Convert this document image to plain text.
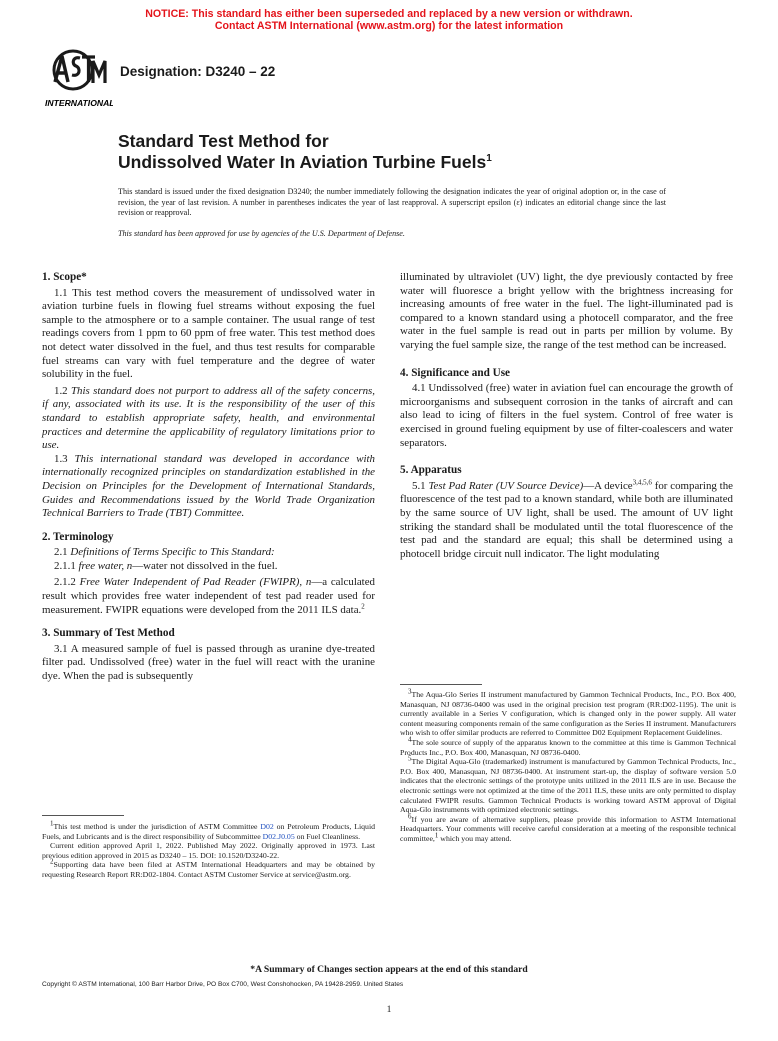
NOTICE: This standard has either been superseded and replaced by a new version or withdrawn.
Contact ASTM International (www.astm.org) for the latest information
INTERNATIONAL
Designation: D3240 – 22
Standard Test Method for
Undissolved Water In Aviation Turbine Fuels$^1$

This standard is issued under the fixed designation D3240; the number immediately following the designation indicates the year of original adoption or, in the case of revision, the year of last revision. A number in parentheses indicates the year of last reapproval. A superscript epsilon (ε) indicates an editorial change since the last revision or reapproval.

This standard has been approved for use by agencies of the U.S. Department of Defense.

1. Scope*

1.1 This test method covers the measurement of undissolved water in aviation turbine fuels in flowing fuel streams without exposing the fuel sample to the atmosphere or to a sample container. The usual range of test readings covers from 1 ppm to 60 ppm of free water. This test method does not detect water dissolved in the fuel, and thus test results for comparable fuel streams can vary with fuel temperature and the degree of water solubility in the fuel.

1.2 This standard does not purport to address all of the safety concerns, if any, associated with its use. It is the responsibility of the user of this standard to establish appropriate safety, health, and environmental practices and determine the applicability of regulatory limitations prior to use.

1.3 This international standard was developed in accordance with internationally recognized principles on standardization established in the Decision on Principles for the Development of International Standards, Guides and Recommendations issued by the World Trade Organization Technical Barriers to Trade (TBT) Committee.

2. Terminology

2.1 Definitions of Terms Specific to This Standard:

2.1.1 free water, n—water not dissolved in the fuel.

2.1.2 Free Water Independent of Pad Reader (FWIPR), n—a calculated result which provides free water independent of test pad reader used for measurement. FWIPR equations were developed from the 2011 ILS data.$^2$

3. Summary of Test Method

3.1 A measured sample of fuel is passed through as uranine dye-treated filter pad. Undissolved (free) water in the fuel will react with the uranine dye. When the pad is subsequently

$^1$This test method is under the jurisdiction of ASTM Committee D02 on Petroleum Products, Liquid Fuels, and Lubricants and is the direct responsibility of Subcommittee D02.J0.05 on Fuel Cleanliness.

Current edition approved April 1, 2022. Published May 2022. Originally approved in 1973. Last previous edition approved in 2015 as D3240 – 15. DOI: 10.1520/D3240-22.

$^2$Supporting data have been filed at ASTM International Headquarters and may be obtained by requesting Research Report RR:D02-1804. Contact ASTM Customer Service at service@astm.org.

illuminated by ultraviolet (UV) light, the dye previously contacted by free water will fluoresce a bright yellow with the brightness increasing for increasing amounts of free water in the fuel. The light-illuminated pad is compared to a known standard using a photocell comparator, and the free water in the fuel sample is read out in parts per million by volume. By varying the fuel sample size, the range of the test method can be increased.

4. Significance and Use

4.1 Undissolved (free) water in aviation fuel can encourage the growth of microorganisms and subsequent corrosion in the tanks of aircraft and can also lead to icing of filters in the fuel system. Control of free water is exercised in ground fueling equipment by use of filter-coalescers and water separators.

5. Apparatus

5.1 Test Pad Rater (UV Source Device)—A device$^{3,4,5,6}$ for comparing the fluorescence of the test pad to a known standard, while both are illuminated by the same source of UV light, shall be used. The amount of UV light striking the standard shall be modulated until the total fluorescence of the test pad and the standard are equal; this shall be determined using a photocell bridge circuit null indicator. The light modulating

$^3$The Aqua-Glo Series II instrument manufactured by Gammon Technical Products, Inc., P.O. Box 400, Manasquan, NJ 08736-0400 was used in the original precision test program (RR:D02-1195). The unit is currently available in a Series V configuration, which is changed only in the power supply. All water content measuring components remain of the same configuration as the Series II instrument. Manufacturers who wish to offer similar products are referred to Committee D02 Equipment Replacement Guidelines.

$^4$The sole source of supply of the apparatus known to the committee at this time is Gammon Technical Products Inc., P.O. Box 400, Manasquan, NJ 08736-0400.

$^5$The Digital Aqua-Glo (trademarked) instrument is manufactured by Gammon Technical Products, Inc., P.O. Box 400, Manasquan, NJ 08736-0400. At instrument start-up, the display of software version 5.0 indicates that the electronic settings of the prototype units utilized in the 2011 ILS are in use. Because the electronic settings were not optimized at the time of the 2011 ILS, these units are only permitted to display calculated FWIPR results. Gammon Technical Products is working toward ASTM approval of Digital Aqua-Glo instruments with optimized electronic settings.

$^6$If you are aware of alternative suppliers, please provide this information to ASTM International Headquarters. Your comments will receive careful consideration at a meeting of the responsible technical committee,$^1$ which you may attend.

*A Summary of Changes section appears at the end of this standard
Copyright © ASTM International, 100 Barr Harbor Drive, PO Box C700, West Conshohocken, PA 19428-2959. United States
1
